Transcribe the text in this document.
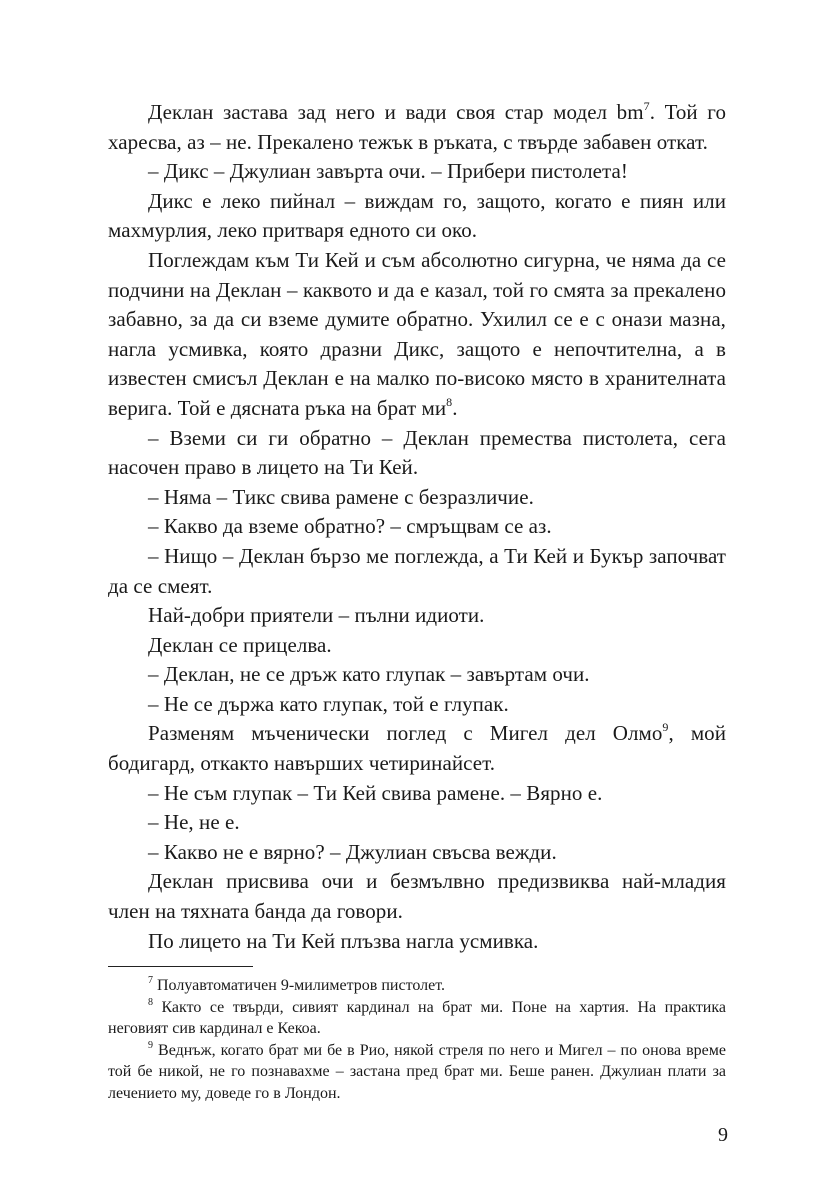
Деклан застава зад него и вади своя стар модел $bm^7$. Той го харесва, аз – не. Прекалено тежък в ръката, с твърде забавен откат.

– Дикс – Джулиан завърта очи. – Прибери пистолета!

Дикс е леко пийнал – виждам го, защото, когато е пиян или махмурлия, леко притваря едното си око.

Поглеждам към Ти Кей и съм абсолютно сигурна, че няма да се подчини на Деклан – каквото и да е казал, той го смята за прекалено забавно, за да си вземе думите обратно. Ухилил се е с онази мазна, нагла усмивка, която дразни Дикс, защото е непочтителна, а в известен смисъл Деклан е на малко по-високо място в хранителната верига. Той е дясната ръка на брат $ми^8$.

– Вземи си ги обратно – Деклан премества пистолета, сега насочен право в лицето на Ти Кей.

– Няма – Тикс свива рамене с безразличие.

– Какво да вземе обратно? – смръщвам се аз.

– Нищо – Деклан бързо ме поглежда, а Ти Кей и Букър започват да се смеят.

Най-добри приятели – пълни идиоти.

Деклан се прицелва.

– Деклан, не се дръж като глупак – завъртам очи.

– Не се държа като глупак, той е глупак.

Разменям мъченически поглед с Мигел дел Олмо$^9$, мой бодигард, откакто навърших четиринайсет.

– Не съм глупак – Ти Кей свива рамене. – Вярно е.

– Не, не е.

– Какво не е вярно? – Джулиан свъсва вежди.

Деклан присвива очи и безмълвно предизвиква най-младия член на тяхната банда да говори.

По лицето на Ти Кей плъзва нагла усмивка.

$^7$ Полуавтоматичен 9-милиметров пистолет.

$^8$ Както се твърди, сивият кардинал на брат ми. Поне на хартия. На практика неговият сив кардинал е Кекоа.

$^9$ Веднъж, когато брат ми бе в Рио, някой стреля по него и Мигел – по онова време той бе никой, не го познавахме – застана пред брат ми. Беше ранен. Джулиан плати за лечението му, доведе го в Лондон.

9
